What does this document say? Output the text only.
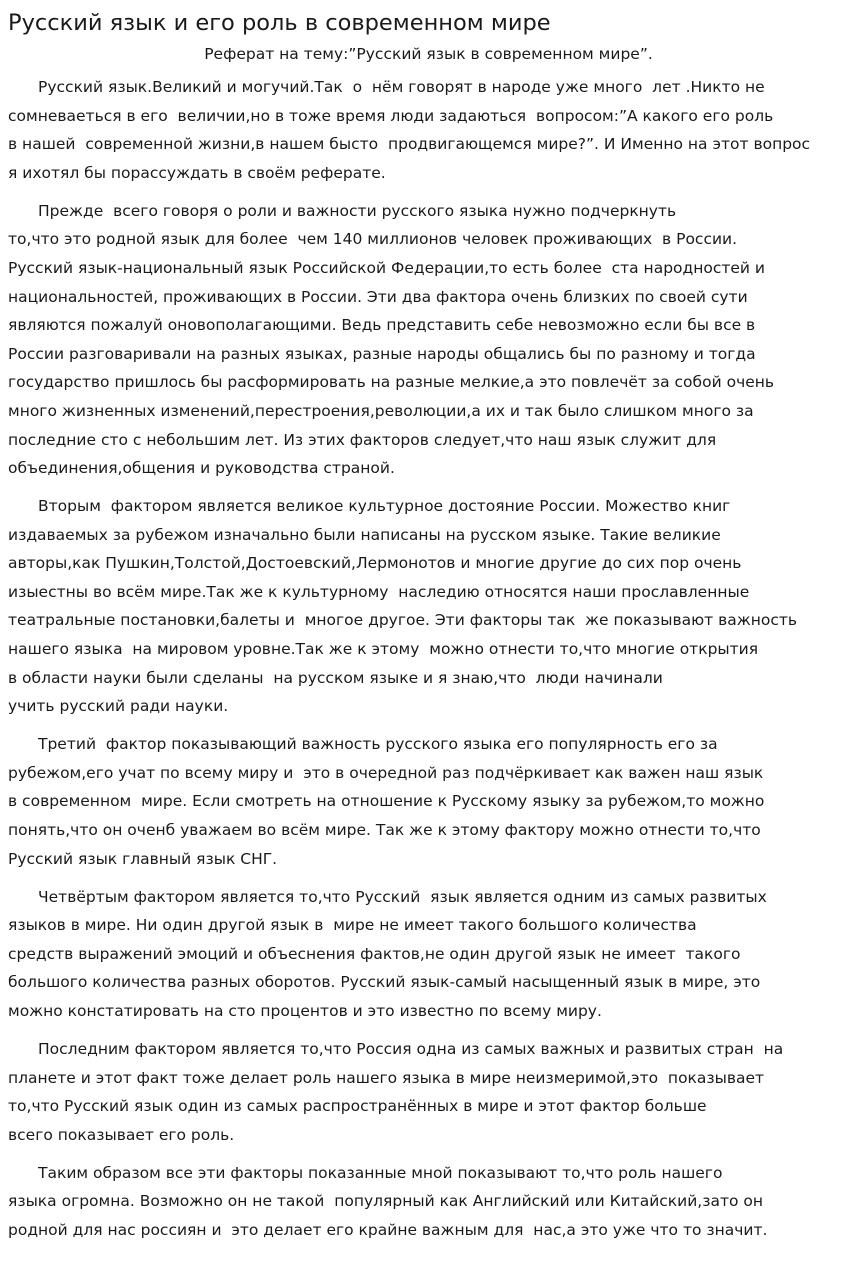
Русский язык и его роль в современном мире
Реферат на тему:”Русский язык в современном мире”.

Русский язык.Великий и могучий.Так  о  нём говорят в народе уже много  лет .Никто не
сомневаеться в его  величии,но в тоже время люди задаються  вопросом:”А какого его роль
в нашей  современной жизни,в нашем бысто  продвигающемся мире?”. И Именно на этот вопрос
я ихотял бы порассуждать в своём реферате.

Прежде  всего говоря о роли и важности русского языка нужно подчеркнуть
то,что это родной язык для более  чем 140 миллионов человек проживающих  в России.
Русский язык-национальный язык Российской Федерации,то есть более  ста народностей и
национальностей, проживающих в России. Эти два фактора очень близких по своей сути
являются пожалуй оновополагающими. Ведь представить себе невозможно если бы все в
России разговаривали на разных языках, разные народы общались бы по разному и тогда
государство пришлось бы расформировать на разные мелкие,а это повлечёт за собой очень
много жизненных изменений,перестроения,революции,а их и так было слишком много за
последние сто с небольшим лет. Из этих факторов следует,что наш язык служит для
объединения,общения и руководства страной.

Вторым  фактором является великое культурное достояние России. Можество книг
издаваемых за рубежом изначально были написаны на русском языке. Такие великие
авторы,как Пушкин,Толстой,Достоевский,Лермонотов и многие другие до сих пор очень
изыестны во всём мире.Так же к культурному  наследию относятся наши прославленные
театральные постановки,балеты и  многое другое. Эти факторы так  же показывают важность
нашего языка  на мировом уровне.Так же к этому  можно отнести то,что многие открытия
в области науки были сделаны  на русском языке и я знаю,что  люди начинали
учить русский ради науки.

Третий  фактор показывающий важность русского языка его популярность его за
рубежом,его учат по всему миру и  это в очередной раз подчёркивает как важен наш язык
в современном  мире. Если смотреть на отношение к Русскому языку за рубежом,то можно
понять,что он оченб уважаем во всём мире. Так же к этому фактору можно отнести то,что
Русский язык главный язык СНГ.

Четвёртым фактором является то,что Русский  язык является одним из самых развитых
языков в мире. Ни один другой язык в  мире не имеет такого большого количества
средств выражений эмоций и объеснения фактов,не один другой язык не имеет  такого
большого количества разных оборотов. Русский язык-самый насыщенный язык в мире, это
можно констатировать на сто процентов и это известно по всему миру.

Последним фактором является то,что Россия одна из самых важных и развитых стран  на
планете и этот факт тоже делает роль нашего языка в мире неизмеримой,это  показывает
то,что Русский язык один из самых распространённых в мире и этот фактор больше
всего показывает его роль.

Таким образом все эти факторы показанные мной показывают то,что роль нашего
языка огромна. Возможно он не такой  популярный как Английский или Китайский,зато он
родной для нас россиян и  это делает его крайне важным для  нас,а это уже что то значит.
